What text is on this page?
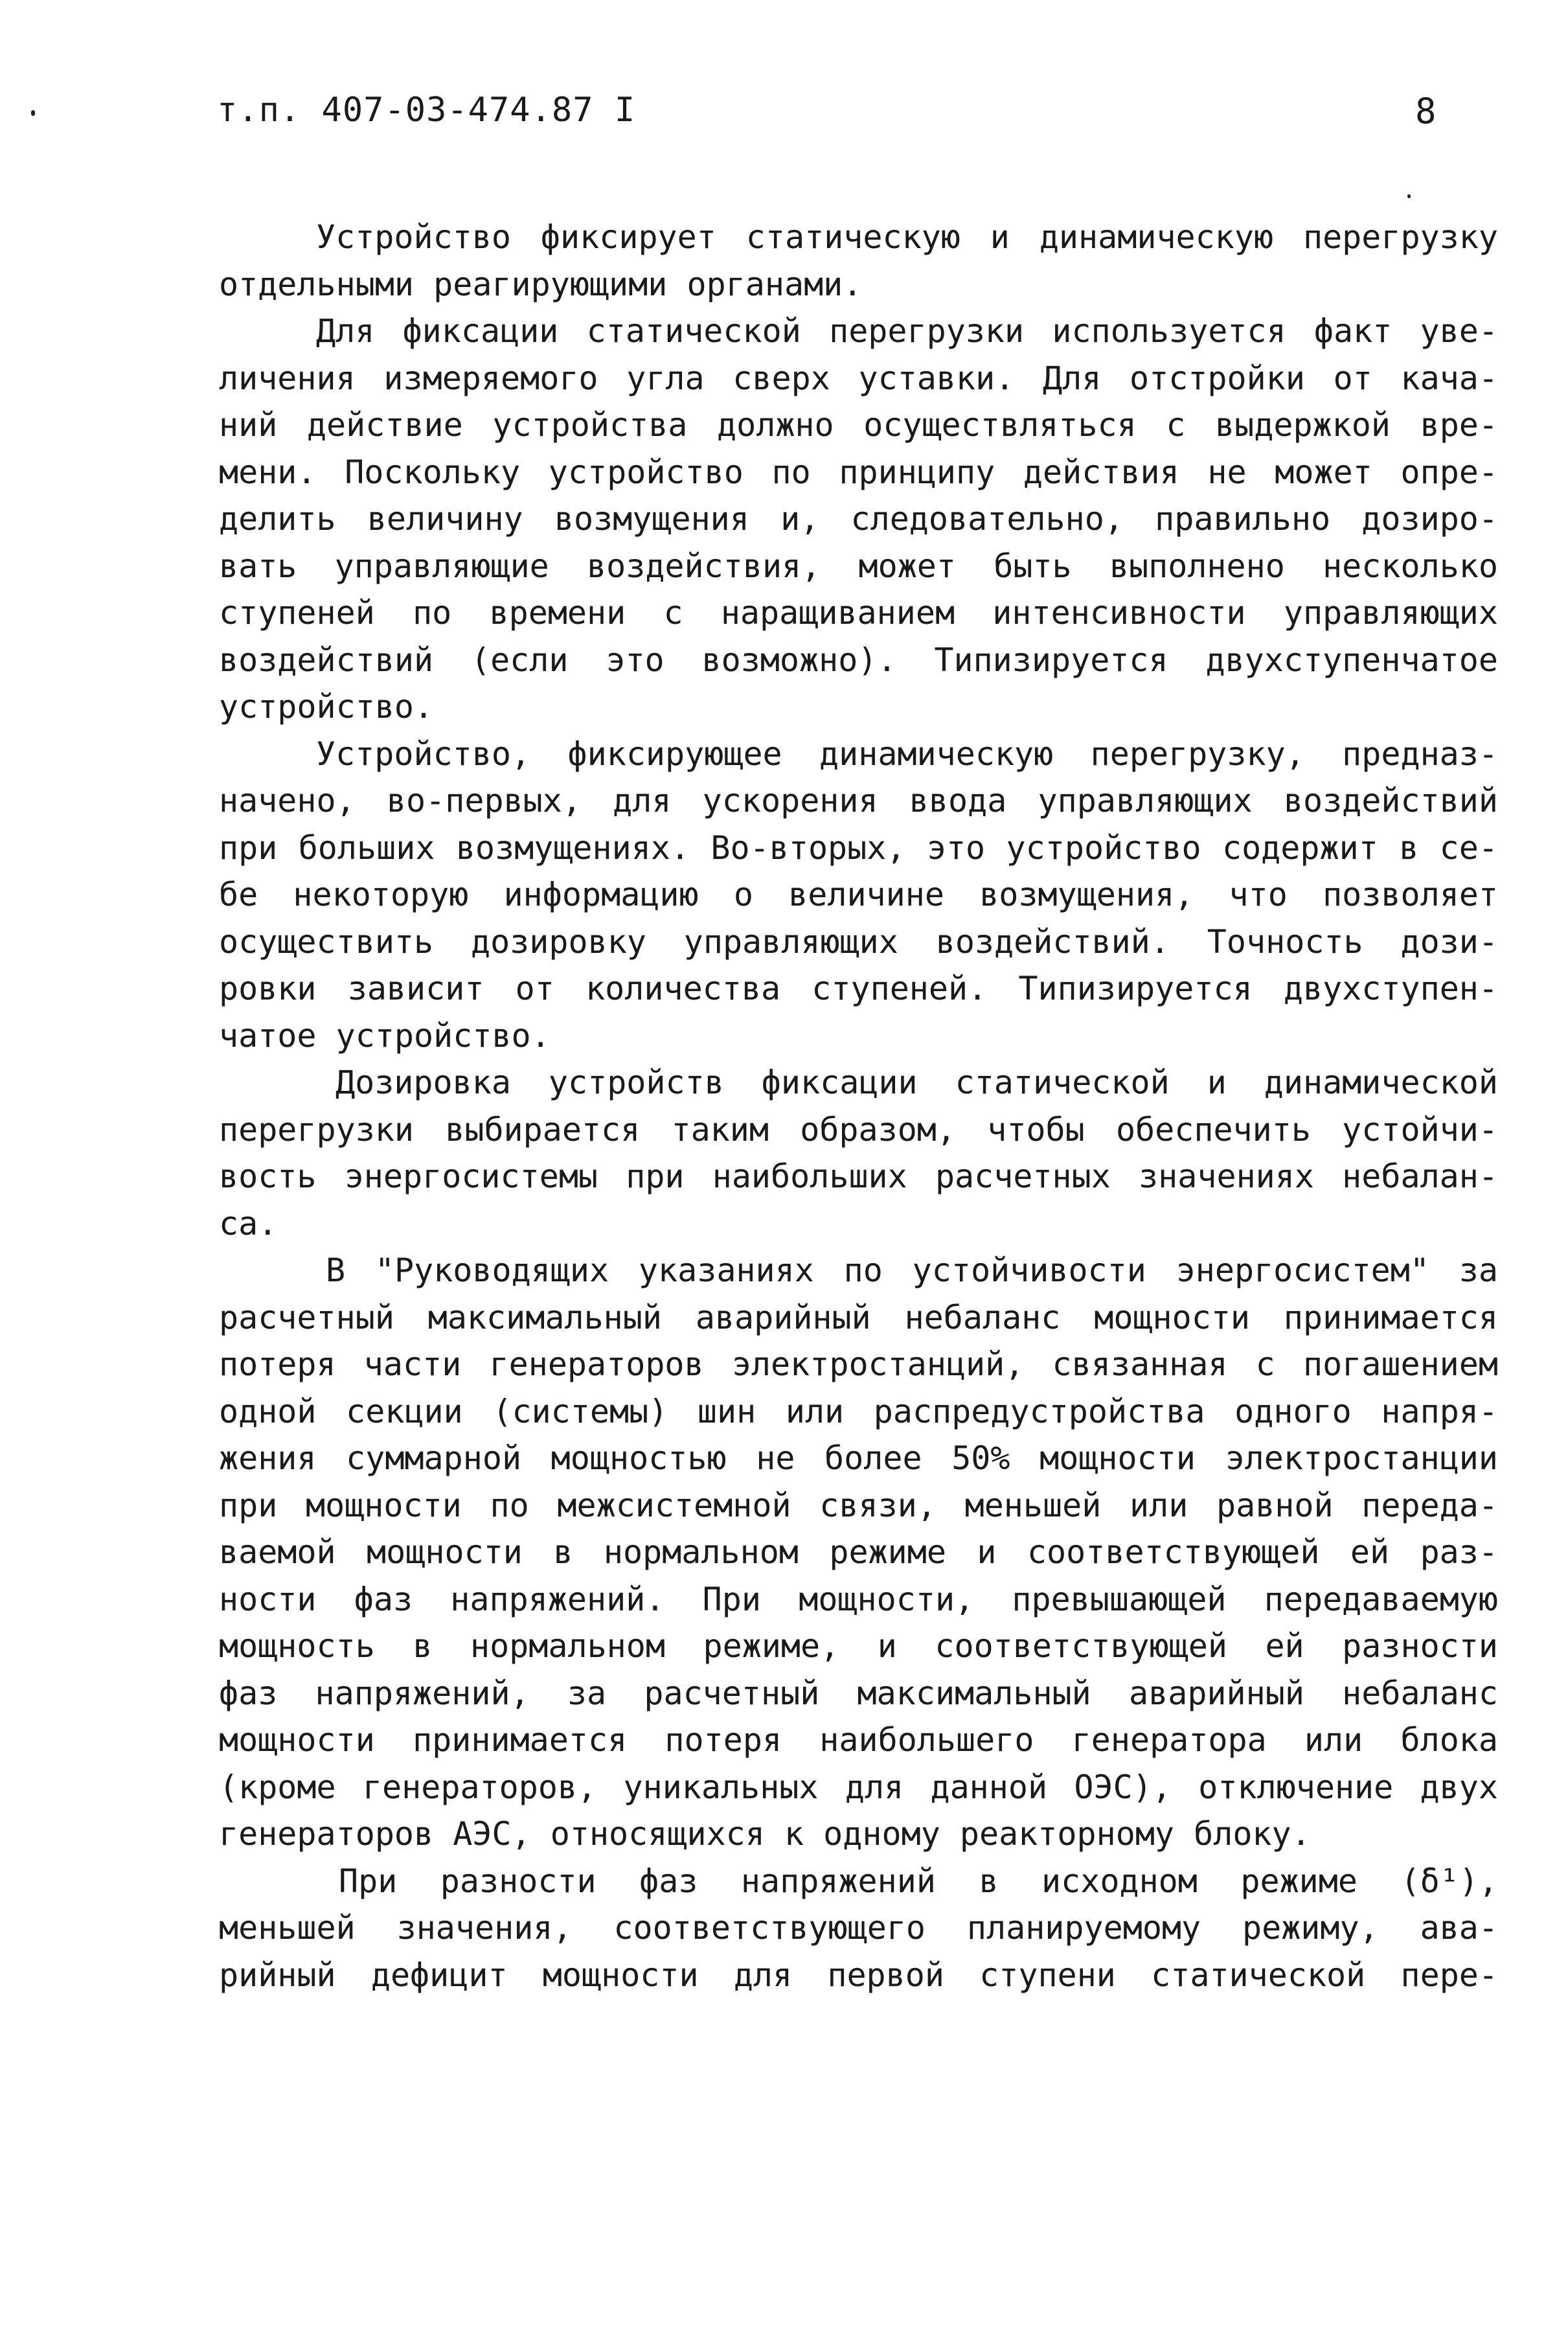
т.п. 407-03-474.87 I	8
Устройство фиксирует статическую и динамическую перегрузку
отдельными реагирующими органами.
Для фиксации статической перегрузки используется факт уве-
личения измеряемого угла сверх уставки. Для отстройки от кача-
ний действие устройства должно осуществляться с выдержкой вре-
мени. Поскольку устройство по принципу действия не может опре-
делить величину возмущения и, следовательно, правильно дозиро-
вать управляющие воздействия, может быть выполнено несколько
ступеней по времени с наращиванием интенсивности управляющих
воздействий (если это возможно). Типизируется двухступенчатое
устройство.
Устройство, фиксирующее динамическую перегрузку, предназ-
начено, во-первых, для ускорения ввода управляющих воздействий
при больших возмущениях. Во-вторых, это устройство содержит в се-
бе некоторую информацию о величине возмущения, что позволяет
осуществить дозировку управляющих воздействий. Точность дози-
ровки зависит от количества ступеней. Типизируется двухступен-
чатое устройство.
Дозировка устройств фиксации статической и динамической
перегрузки выбирается таким образом, чтобы обеспечить устойчи-
вость энергосистемы при наибольших расчетных значениях небалан-
са.
В "Руководящих указаниях по устойчивости энергосистем" за
расчетный максимальный аварийный небаланс мощности принимается
потеря части генераторов электростанций, связанная с погашением
одной секции (системы) шин или распредустройства одного напря-
жения суммарной мощностью не более 50% мощности электростанции
при мощности по межсистемной связи, меньшей или равной переда-
ваемой мощности в нормальном режиме и соответствующей ей раз-
ности фаз напряжений. При мощности, превышающей передаваемую
мощность в нормальном режиме, и соответствующей ей разности
фаз напряжений, за расчетный максимальный аварийный небаланс
мощности принимается потеря наибольшего генератора или блока
(кроме генераторов, уникальных для данной ОЭС), отключение двух
генераторов АЭС, относящихся к одному реакторному блоку.
При разности фаз напряжений в исходном режиме (δ¹),
меньшей значения, соответствующего планируемому режиму, ава-
рийный дефицит мощности для первой ступени статической пере-
